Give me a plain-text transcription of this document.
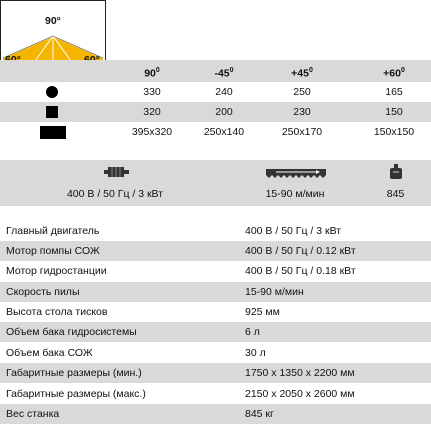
90°
$90^0$	$-45^0$	$+45^0$	$+60^0$
330	240	250	165
320	200	230	150
395x320	250x140	250x170	150x150
400 В / 50 Гц / 3 кВт	15-90 м/мин	845
Главный двигатель	400 В / 50 Гц / 3 кВт
Мотор помпы СОЖ	400 В / 50 Гц / 0.12 кВт
Мотор гидростанции	400 В / 50 Гц / 0.18 кВт
Скорость пилы	15-90 м/мин
Высота стола тисков	925 мм
Объем бака гидросистемы	6 л
Объем бака СОЖ	30 л
Габаритные размеры (мин.)	1750 x 1350 x 2200 мм
Габаритные размеры (макс.)	2150 x 2050 x 2600 мм
Вес станка	845 кг
